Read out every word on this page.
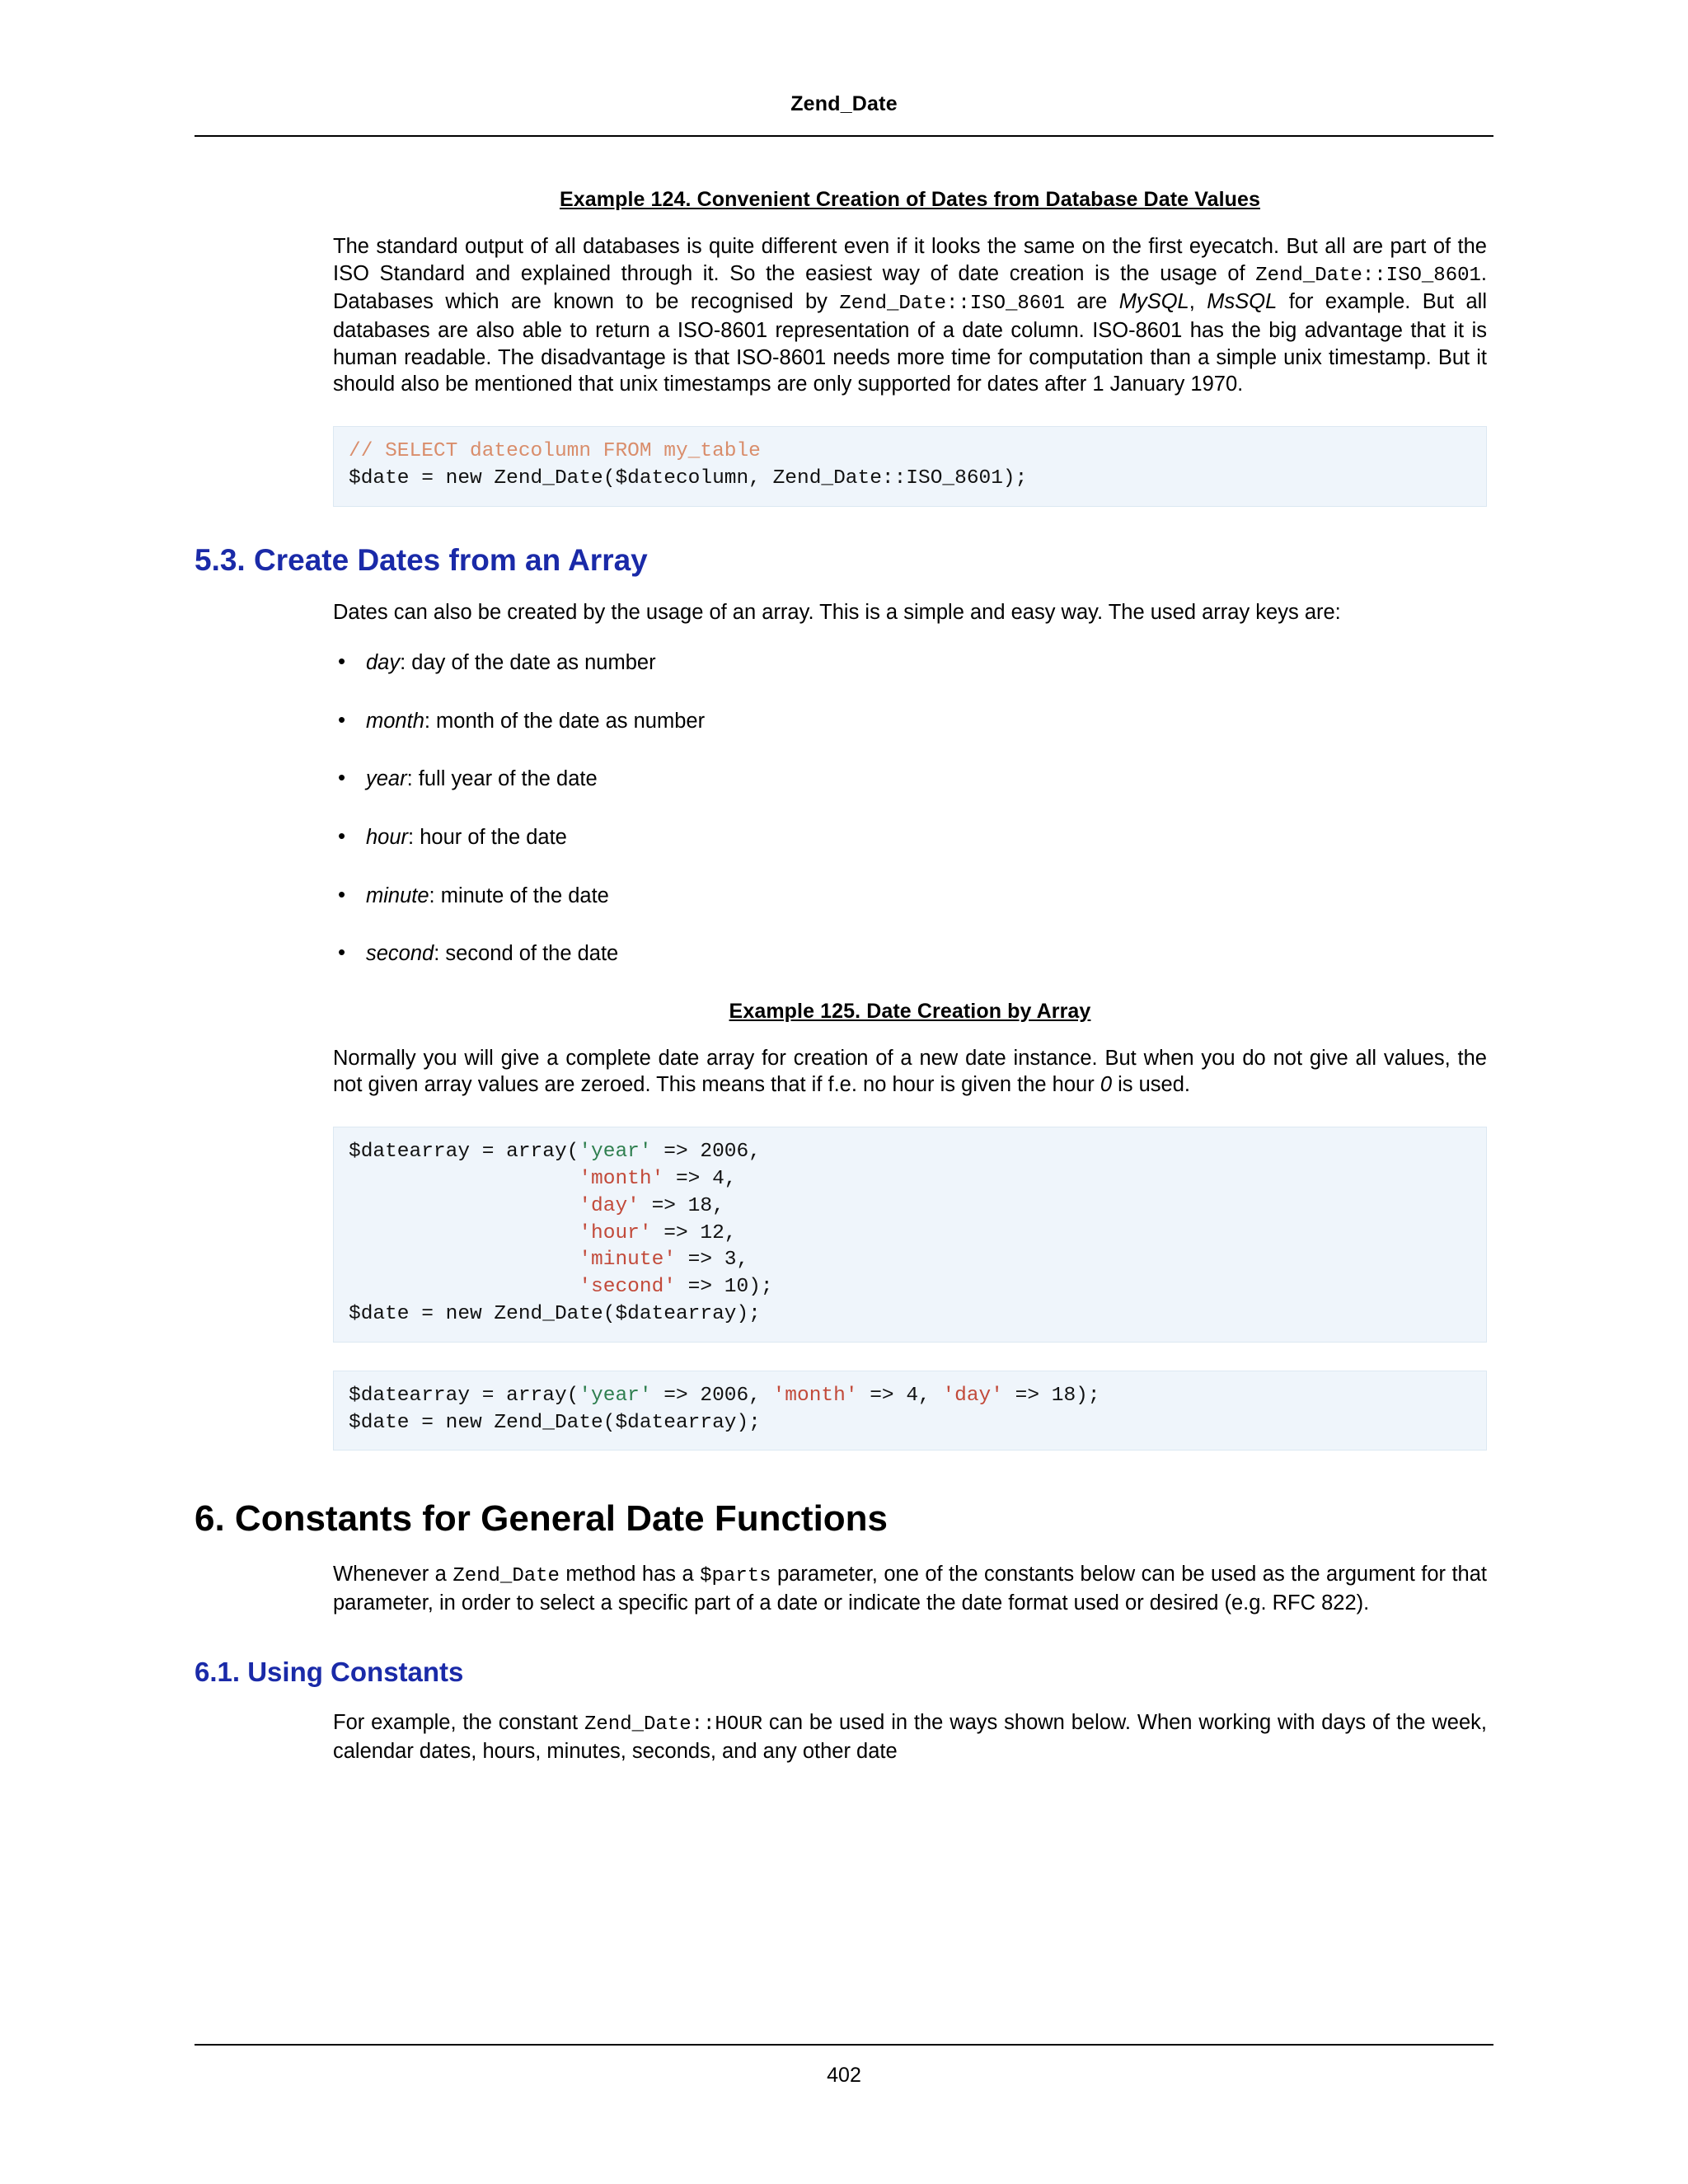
Zend_Date
Example 124. Convenient Creation of Dates from Database Date Values

The standard output of all databases is quite different even if it looks the same on the first eyecatch. But all are part of the ISO Standard and explained through it. So the easiest way of date creation is the usage of Zend_Date::ISO_8601. Databases which are known to be recognised by Zend_Date::ISO_8601 are MySQL, MsSQL for example. But all databases are also able to return a ISO-8601 representation of a date column. ISO-8601 has the big advantage that it is human readable. The disadvantage is that ISO-8601 needs more time for computation than a simple unix timestamp. But it should also be mentioned that unix timestamps are only supported for dates after 1 January 1970.

// SELECT datecolumn FROM my_table
$date = new Zend_Date($datecolumn, Zend_Date::ISO_8601);
5.3. Create Dates from an Array

Dates can also be created by the usage of an array. This is a simple and easy way. The used array keys are:

• day: day of the date as number
• month: month of the date as number
• year: full year of the date
• hour: hour of the date
• minute: minute of the date
• second: second of the date
Example 125. Date Creation by Array

Normally you will give a complete date array for creation of a new date instance. But when you do not give all values, the not given array values are zeroed. This means that if f.e. no hour is given the hour 0 is used.

$datearray = array('year' => 2006,
'month' => 4,
'day' => 18,
'hour' => 12,
'minute' => 3,
'second' => 10);
$date = new Zend_Date($datearray);
$datearray = array('year' => 2006, 'month' => 4, 'day' => 18);
$date = new Zend_Date($datearray);
6. Constants for General Date Functions

Whenever a Zend_Date method has a $parts parameter, one of the constants below can be used as the argument for that parameter, in order to select a specific part of a date or indicate the date format used or desired (e.g. RFC 822).

6.1. Using Constants

For example, the constant Zend_Date::HOUR can be used in the ways shown below. When working with days of the week, calendar dates, hours, minutes, seconds, and any other date

402
